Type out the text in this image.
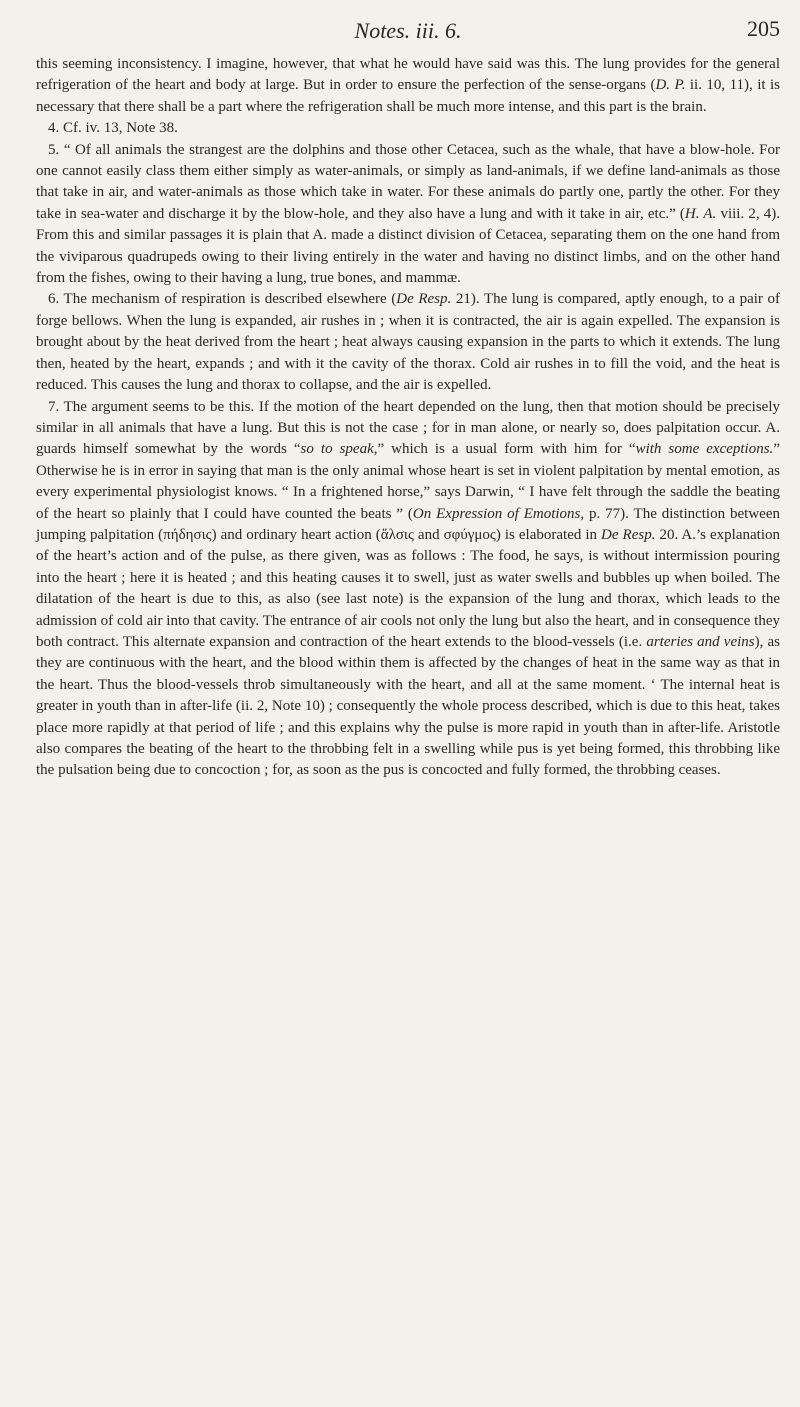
Notes. iii. 6.	205

this seeming inconsistency. I imagine, however, that what he would have said was this. The lung provides for the general refrigeration of the heart and body at large. But in order to ensure the perfection of the sense-organs (D. P. ii. 10, 11), it is necessary that there shall be a part where the refrigeration shall be much more intense, and this part is the brain.

4. Cf. iv. 13, Note 38.

5. “ Of all animals the strangest are the dolphins and those other Cetacea, such as the whale, that have a blow-hole. For one cannot easily class them either simply as water-animals, or simply as land-animals, if we define land-animals as those that take in air, and water-animals as those which take in water. For these animals do partly one, partly the other. For they take in sea-water and discharge it by the blow-hole, and they also have a lung and with it take in air, etc.” (H. A. viii. 2, 4). From this and similar passages it is plain that A. made a distinct division of Cetacea, separating them on the one hand from the viviparous quadrupeds owing to their living entirely in the water and having no distinct limbs, and on the other hand from the fishes, owing to their having a lung, true bones, and mammæ.

6. The mechanism of respiration is described elsewhere (De Resp. 21). The lung is compared, aptly enough, to a pair of forge bellows. When the lung is expanded, air rushes in ; when it is contracted, the air is again expelled. The expansion is brought about by the heat derived from the heart ; heat always causing expansion in the parts to which it extends. The lung then, heated by the heart, expands ; and with it the cavity of the thorax. Cold air rushes in to fill the void, and the heat is reduced. This causes the lung and thorax to collapse, and the air is expelled.

7. The argument seems to be this. If the motion of the heart depended on the lung, then that motion should be precisely similar in all animals that have a lung. But this is not the case ; for in man alone, or nearly so, does palpitation occur. A. guards himself somewhat by the words “so to speak,” which is a usual form with him for “with some exceptions.” Otherwise he is in error in saying that man is the only animal whose heart is set in violent palpitation by mental emotion, as every experimental physiologist knows. “ In a frightened horse,” says Darwin, “ I have felt through the saddle the beating of the heart so plainly that I could have counted the beats ” (On Expression of Emotions, p. 77). The distinction between jumping palpitation (πήδησις) and ordinary heart action (ἅλσις and σφύγμος) is elaborated in De Resp. 20. A.’s explanation of the heart’s action and of the pulse, as there given, was as follows : The food, he says, is without intermission pouring into the heart ; here it is heated ; and this heating causes it to swell, just as water swells and bubbles up when boiled. The dilatation of the heart is due to this, as also (see last note) is the expansion of the lung and thorax, which leads to the admission of cold air into that cavity. The entrance of air cools not only the lung but also the heart, and in consequence they both contract. This alternate expansion and contraction of the heart extends to the blood-vessels (i.e. arteries and veins), as they are continuous with the heart, and the blood within them is affected by the changes of heat in the same way as that in the heart. Thus the blood-vessels throb simultaneously with the heart, and all at the same moment. ‘ The internal heat is greater in youth than in after-life (ii. 2, Note 10) ; consequently the whole process described, which is due to this heat, takes place more rapidly at that period of life ; and this explains why the pulse is more rapid in youth than in after-life. Aristotle also compares the beating of the heart to the throbbing felt in a swelling while pus is yet being formed, this throbbing like the pulsation being due to concoction ; for, as soon as the pus is concocted and fully formed, the throbbing ceases.
